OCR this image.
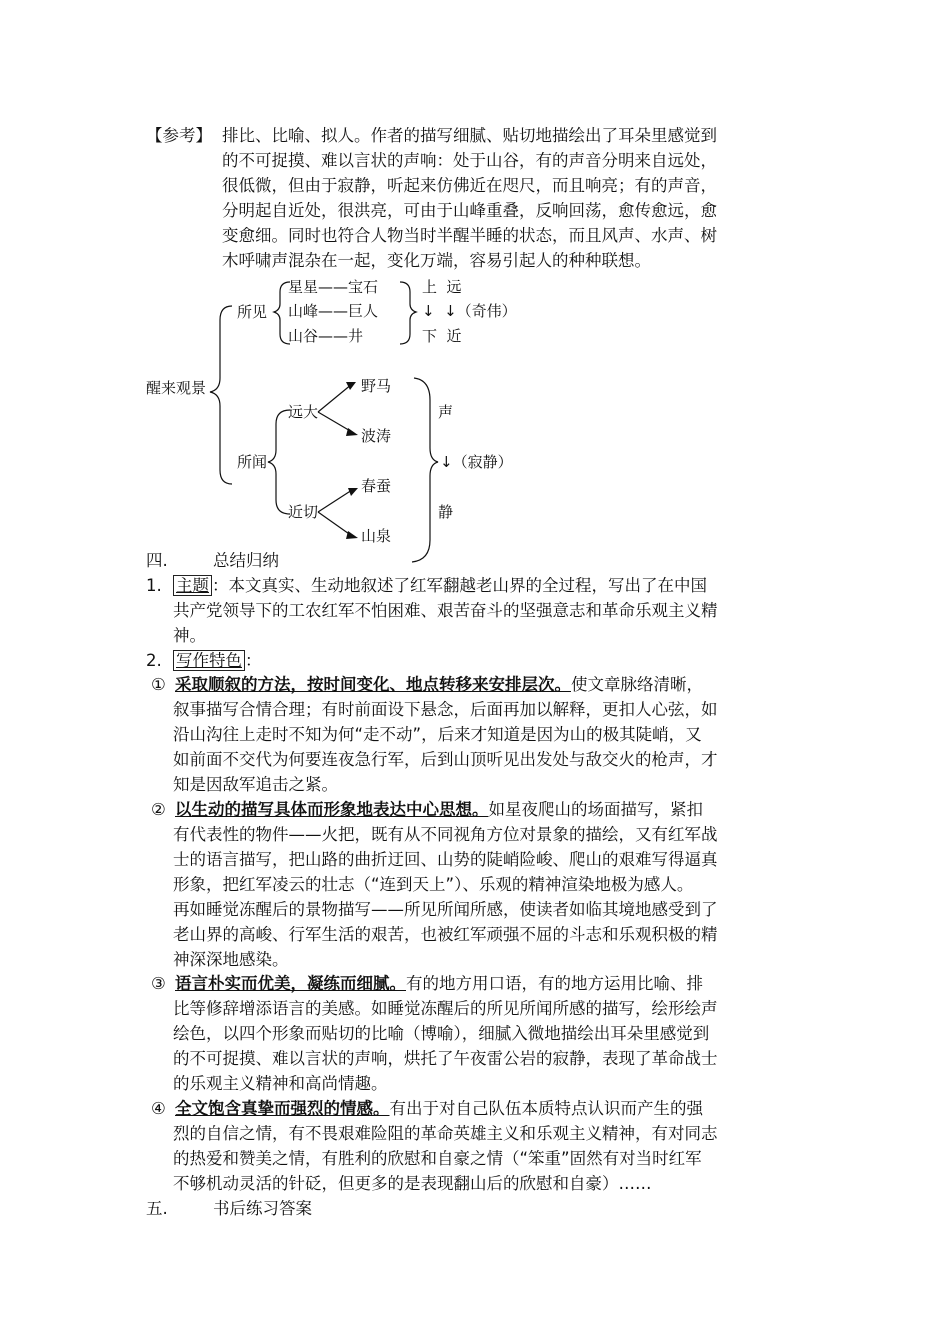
【参考】 排比、比喻、拟人。作者的描写细腻、贴切地描绘出了耳朵里感觉到
的不可捉摸、难以言状的声响：处于山谷，有的声音分明来自远处，
很低微，但由于寂静，听起来仿佛近在咫尺，而且响亮；有的声音，
分明起自近处，很洪亮，可由于山峰重叠，反响回荡，愈传愈远，愈
变愈细。同时也符合人物当时半醒半睡的状态，而且风声、水声、树
木呼啸声混杂在一起，变化万端，容易引起人的种种联想。
醒来观景
所见
星星——宝石
山峰——巨人
山谷——井
上  远
↓  ↓（奇伟）
下  近
所闻
远大
近切
野马
波涛
春蚕
山泉
声
↓（寂静）
静
四.	总结归纳
1. 主题 ：本文真实、生动地叙述了红军翻越老山界的全过程，写出了在中国
共产党领导下的工农红军不怕困难、艰苦奋斗的坚强意志和革命乐观主义精
神。
2. 写作特色 ：
① 采取顺叙的方法，按时间变化、地点转移来安排层次。使文章脉络清晰，
叙事描写合情合理；有时前面设下悬念，后面再加以解释，更扣人心弦，如
沿山沟往上走时不知为何“走不动”，后来才知道是因为山的极其陡峭，又
如前面不交代为何要连夜急行军，后到山顶听见出发处与敌交火的枪声，才
知是因敌军追击之紧。
② 以生动的描写具体而形象地表达中心思想。如星夜爬山的场面描写，紧扣
有代表性的物件——火把，既有从不同视角方位对景象的描绘，又有红军战
士的语言描写，把山路的曲折迂回、山势的陡峭险峻、爬山的艰难写得逼真
形象，把红军凌云的壮志（“连到天上”）、乐观的精神渲染地极为感人。
再如睡觉冻醒后的景物描写——所见所闻所感，使读者如临其境地感受到了
老山界的高峻、行军生活的艰苦，也被红军顽强不屈的斗志和乐观积极的精
神深深地感染。
③ 语言朴实而优美，凝练而细腻。有的地方用口语，有的地方运用比喻、排
比等修辞增添语言的美感。如睡觉冻醒后的所见所闻所感的描写，绘形绘声
绘色，以四个形象而贴切的比喻（博喻），细腻入微地描绘出耳朵里感觉到
的不可捉摸、难以言状的声响，烘托了午夜雷公岩的寂静，表现了革命战士
的乐观主义精神和高尚情趣。
④ 全文饱含真挚而强烈的情感。有出于对自己队伍本质特点认识而产生的强
烈的自信之情，有不畏艰难险阻的革命英雄主义和乐观主义精神，有对同志
的热爱和赞美之情，有胜利的欣慰和自豪之情（“笨重”固然有对当时红军
不够机动灵活的针砭，但更多的是表现翻山后的欣慰和自豪）……
五.	书后练习答案
